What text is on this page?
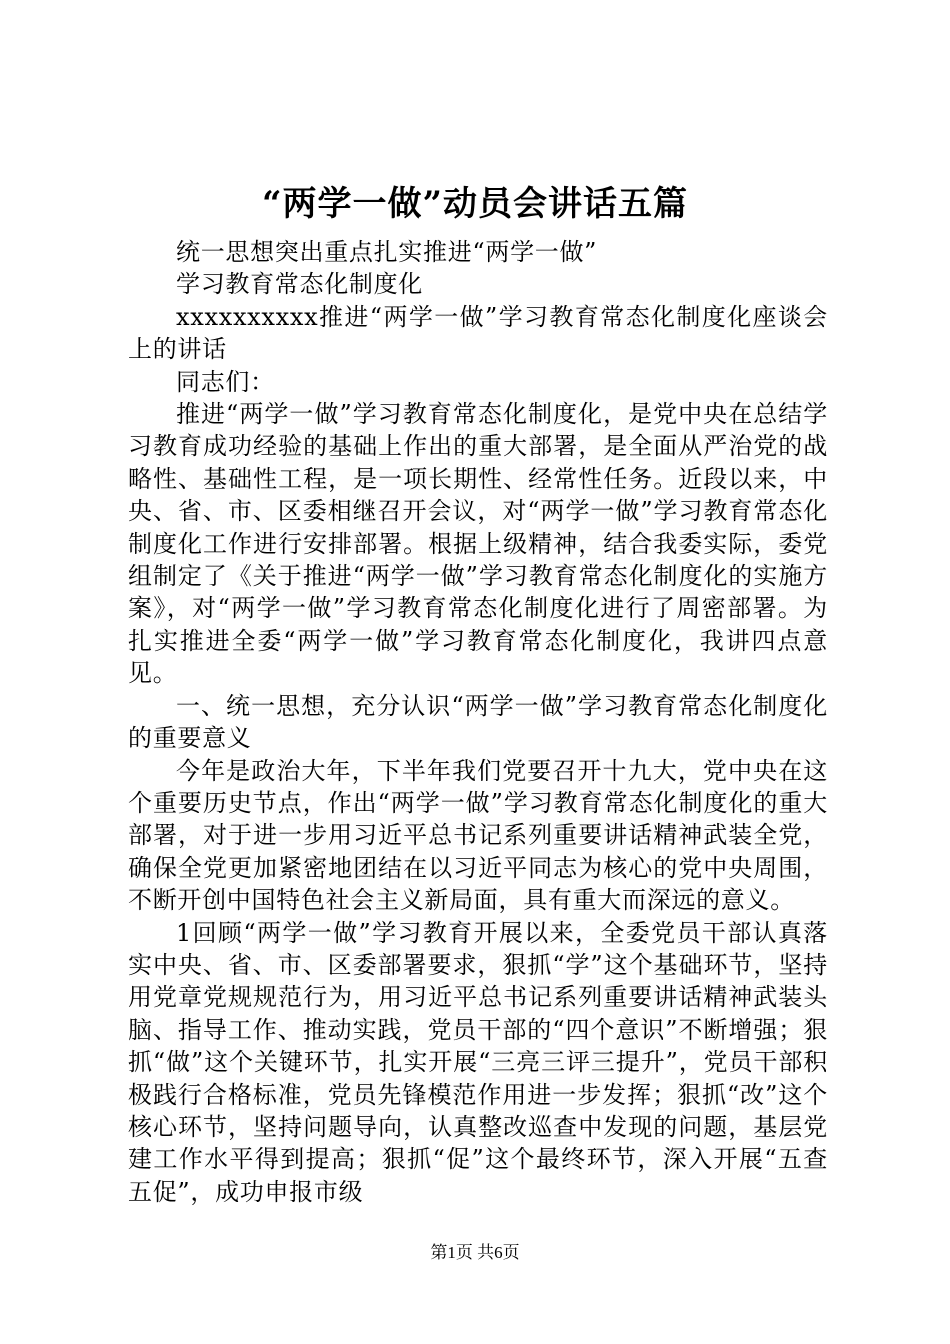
“两学一做”动员会讲话五篇

统一思想突出重点扎实推进“两学一做”

学习教育常态化制度化

xxxxxxxxxx推进“两学一做”学习教育常态化制度化座谈会上的讲话

同志们：

推进“两学一做”学习教育常态化制度化，是党中央在总结学习教育成功经验的基础上作出的重大部署，是全面从严治党的战略性、基础性工程，是一项长期性、经常性任务。近段以来，中央、省、市、区委相继召开会议，对“两学一做”学习教育常态化制度化工作进行安排部署。根据上级精神，结合我委实际，委党组制定了《关于推进“两学一做”学习教育常态化制度化的实施方案》，对“两学一做”学习教育常态化制度化进行了周密部署。为扎实推进全委“两学一做”学习教育常态化制度化，我讲四点意见。

一、统一思想，充分认识“两学一做”学习教育常态化制度化的重要意义

今年是政治大年，下半年我们党要召开十九大，党中央在这个重要历史节点，作出“两学一做”学习教育常态化制度化的重大部署，对于进一步用习近平总书记系列重要讲话精神武装全党，确保全党更加紧密地团结在以习近平同志为核心的党中央周围，不断开创中国特色社会主义新局面，具有重大而深远的意义。

1回顾“两学一做”学习教育开展以来，全委党员干部认真落实中央、省、市、区委部署要求，狠抓“学”这个基础环节，坚持用党章党规规范行为，用习近平总书记系列重要讲话精神武装头脑、指导工作、推动实践，党员干部的“四个意识”不断增强；狠抓“做”这个关键环节，扎实开展“三亮三评三提升”，党员干部积极践行合格标准，党员先锋模范作用进一步发挥；狠抓“改”这个核心环节，坚持问题导向，认真整改巡查中发现的问题，基层党建工作水平得到提高；狠抓“促”这个最终环节，深入开展“五查五促”，成功申报市级

第1页 共6页
